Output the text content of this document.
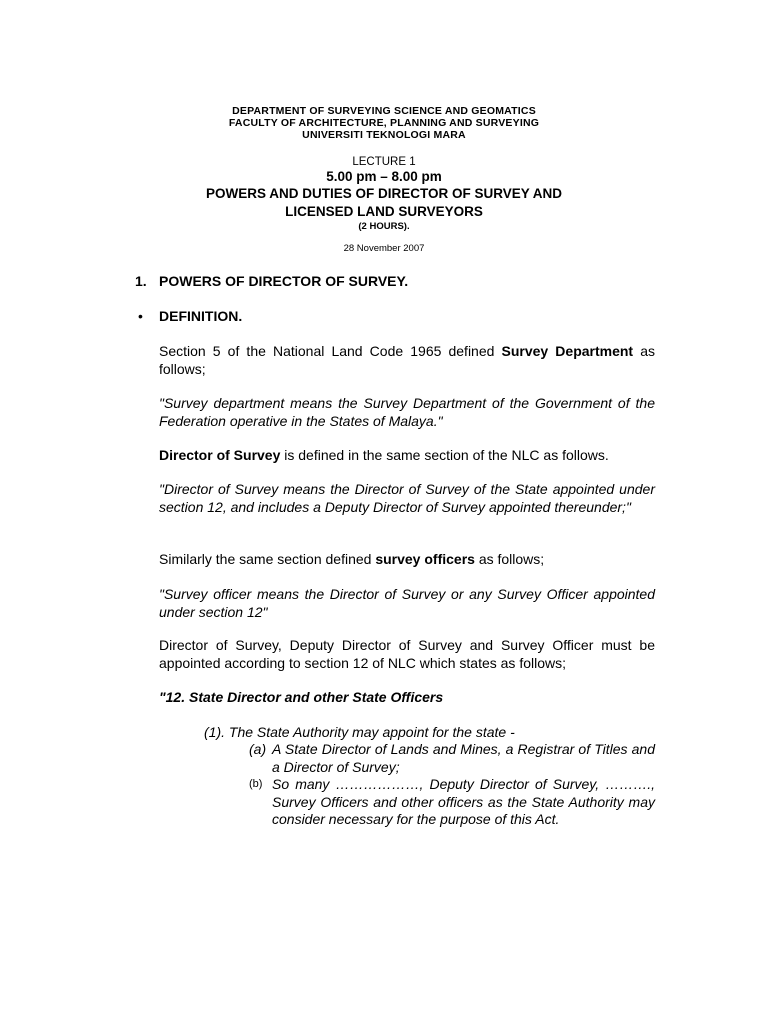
DEPARTMENT OF SURVEYING SCIENCE AND GEOMATICS
FACULTY OF ARCHITECTURE, PLANNING AND SURVEYING
UNIVERSITI TEKNOLOGI MARA
LECTURE 1
5.00 pm – 8.00 pm
POWERS AND DUTIES OF DIRECTOR OF SURVEY AND
LICENSED LAND SURVEYORS
(2 HOURS).
28 November 2007
1. POWERS OF DIRECTOR OF SURVEY.
• DEFINITION.
Section 5 of the National Land Code 1965 defined Survey Department as follows;
"Survey department means the Survey Department of the Government of the Federation operative in the States of Malaya."
Director of Survey is defined in the same section of the NLC as follows.
"Director of Survey means the Director of Survey of the State appointed under section 12, and includes a Deputy Director of Survey appointed thereunder;"
Similarly the same section defined survey officers as follows;
"Survey officer means the Director of Survey or any Survey Officer appointed under section 12"
Director of Survey, Deputy Director of Survey and Survey Officer must be appointed according to section 12 of NLC which states as follows;
"12. State Director and other State Officers
(1). The State Authority may appoint for the state -
(a) A State Director of Lands and Mines, a Registrar of Titles and a Director of Survey;
(b) So many ………………, Deputy Director of Survey, ………., Survey Officers and other officers as the State Authority may consider necessary for the purpose of this Act.
